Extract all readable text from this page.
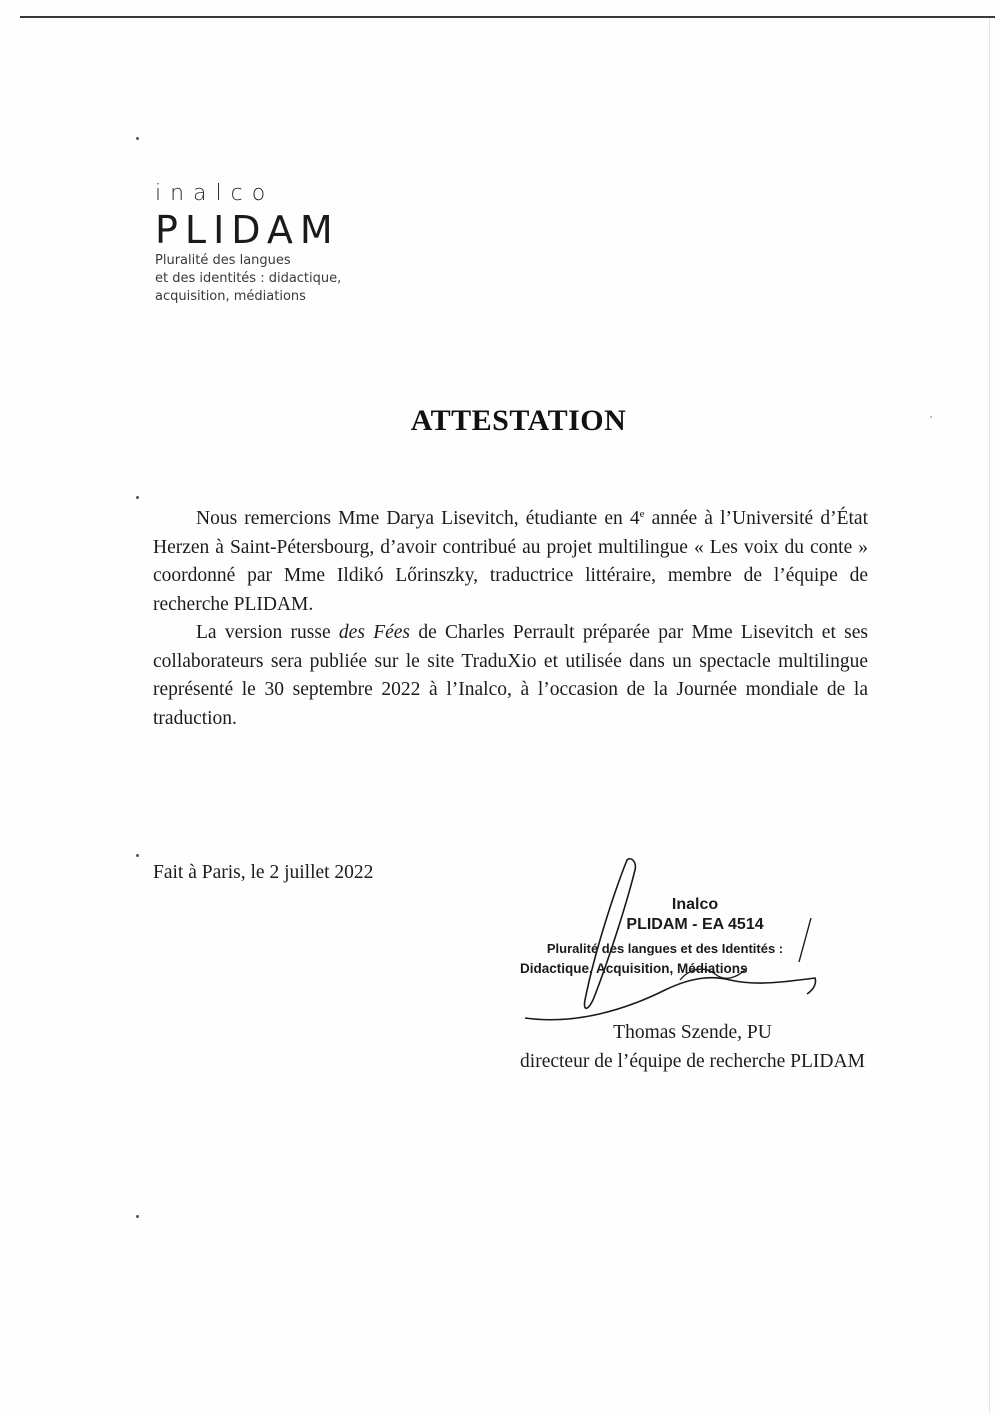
inalco
PLIDAM
Pluralité des langues
et des identités : didactique,
acquisition, médiations
ATTESTATION

Nous remercions Mme Darya Lisevitch, étudiante en 4e année à l’Université d’État Herzen à Saint-Pétersbourg, d’avoir contribué au projet multilingue « Les voix du conte » coordonné par Mme Ildikó Lőrinszky, traductrice littéraire, membre de l’équipe de recherche PLIDAM.

La version russe des Fées de Charles Perrault préparée par Mme Lisevitch et ses collaborateurs sera publiée sur le site TraduXio et utilisée dans un spectacle multilingue représenté le 30 septembre 2022 à l’Inalco, à l’occasion de la Journée mondiale de la traduction.

Fait à Paris, le 2 juillet 2022
Inalco
PLIDAM - EA 4514
Pluralité des langues et des Identités :
Didactique, Acquisition, Médiations
Thomas Szende, PU
directeur de l’équipe de recherche PLIDAM
